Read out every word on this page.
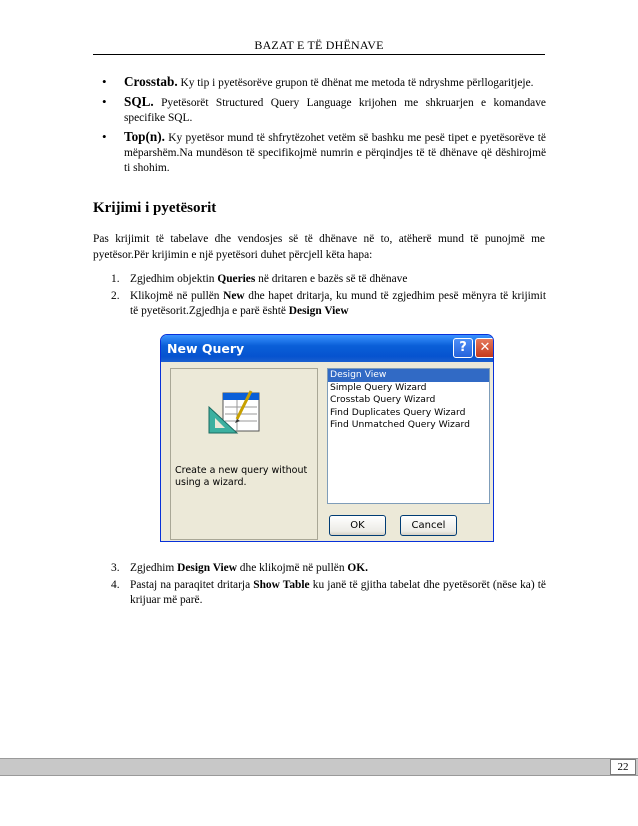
BAZAT E TË DHËNAVE
• Crosstab. Ky tip i pyetësorëve grupon të dhënat me metoda të ndryshme përllogaritjeje.
• SQL. Pyetësorët Structured Query Language krijohen me shkruarjen e komandave specifike SQL.
• Top(n). Ky pyetësor mund të shfrytëzohet vetëm së bashku me pesë tipet e pyetësorëve të mëparshëm.Na mundëson të specifikojmë numrin e përqindjes të të dhënave që dëshirojmë ti shohim.
Krijimi i pyetësorit
Pas krijimit të tabelave dhe vendosjes së të dhënave në to, atëherë mund të punojmë me pyetësor.Për krijimin e një pyetësori duhet përcjell këta hapa:
1. Zgjedhim objektin Queries në dritaren e bazës së të dhënave
2. Klikojmë në pullën New dhe hapet dritarja, ku mund të zgjedhim pesë mënyra të krijimit të pyetësorit.Zgjedhja e parë është Design View
New Query	? ✕
Create a new query without using a wizard.
Design View
Simple Query Wizard
Crosstab Query Wizard
Find Duplicates Query Wizard
Find Unmatched Query Wizard
OK	Cancel
3. Zgjedhim Design View dhe klikojmë në pullën OK.
4. Pastaj na paraqitet dritarja Show Table ku janë të gjitha tabelat dhe pyetësorët (nëse ka) të krijuar më parë.
22
